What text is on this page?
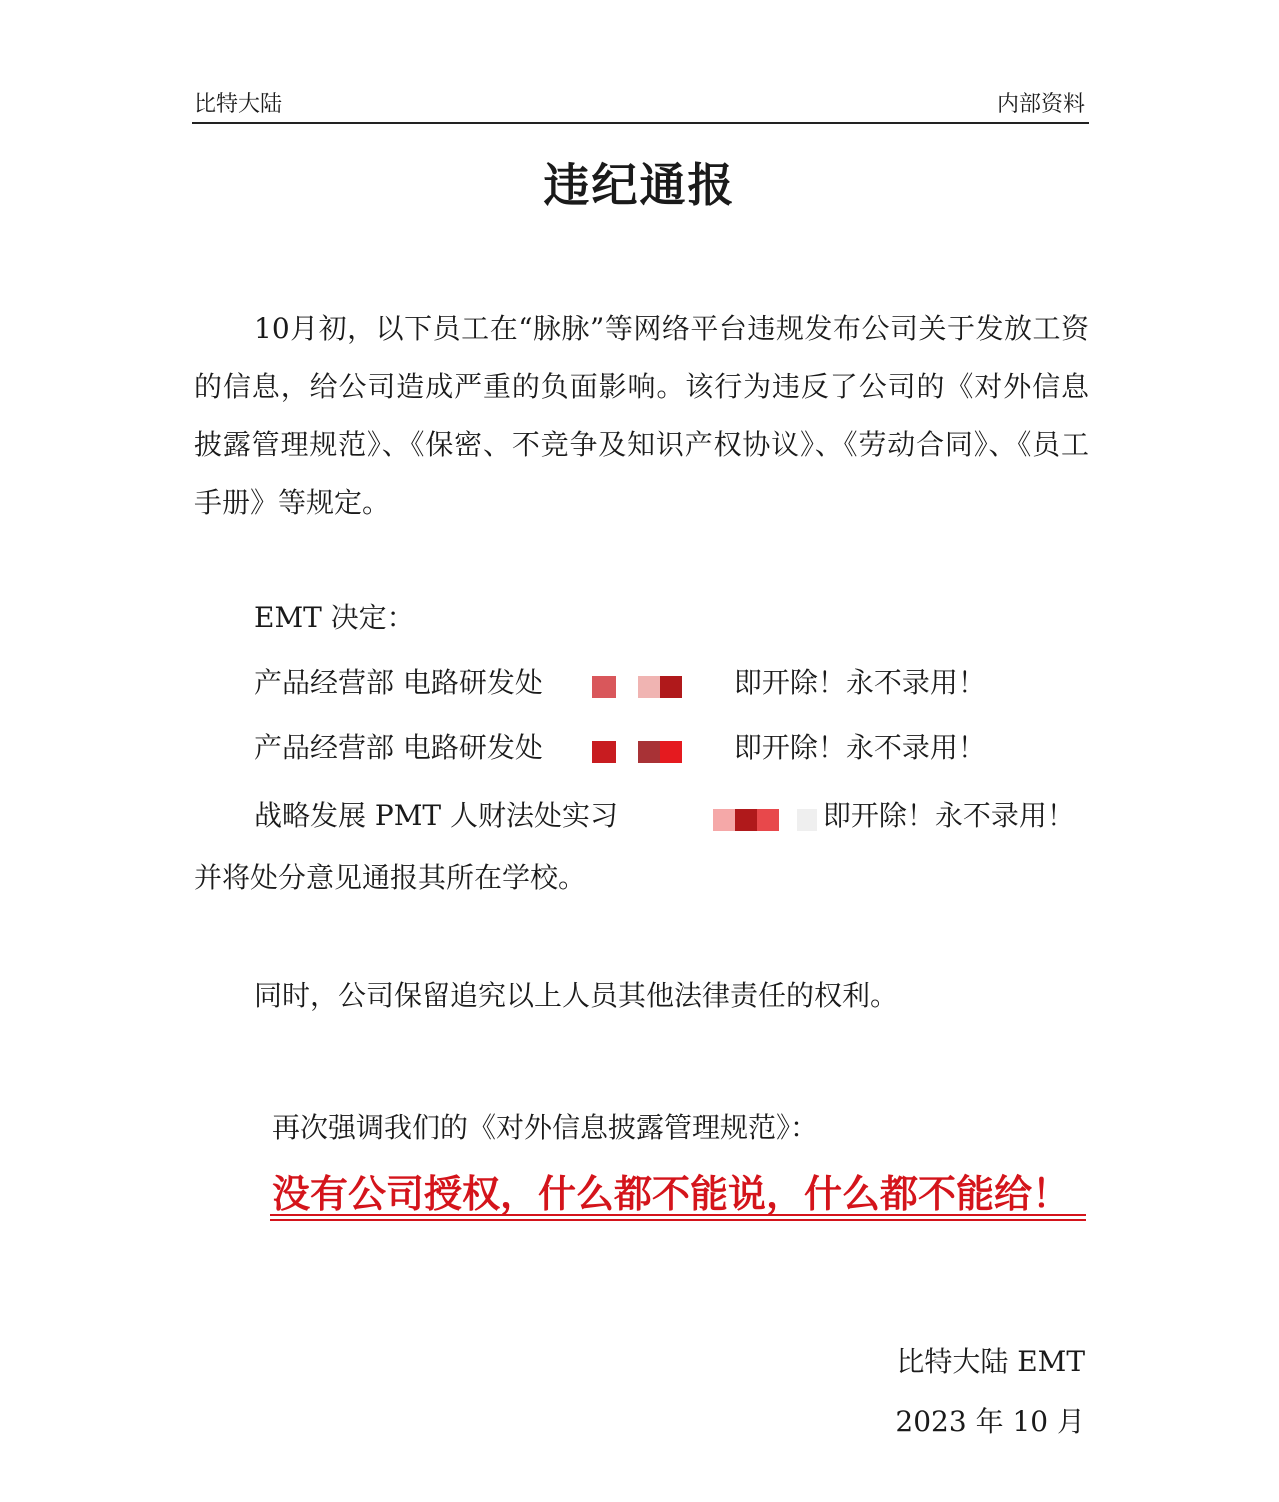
比特大陆	内部资料
违纪通报

10月初，以下员工在“脉脉”等网络平台违规发布公司关于发放工资的信息，给公司造成严重的负面影响。该行为违反了公司的《对外信息披露管理规范》、《保密、不竞争及知识产权协议》、《劳动合同》、《员工手册》等规定。

EMT 决定：
产品经营部 电路研发处	即开除！永不录用！
产品经营部 电路研发处	即开除！永不录用！
战略发展 PMT 人财法处实习	即开除！永不录用！
并将处分意见通报其所在学校。
同时，公司保留追究以上人员其他法律责任的权利。
再次强调我们的《对外信息披露管理规范》：
没有公司授权，什么都不能说，什么都不能给！
比特大陆 EMT
2023 年 10 月
